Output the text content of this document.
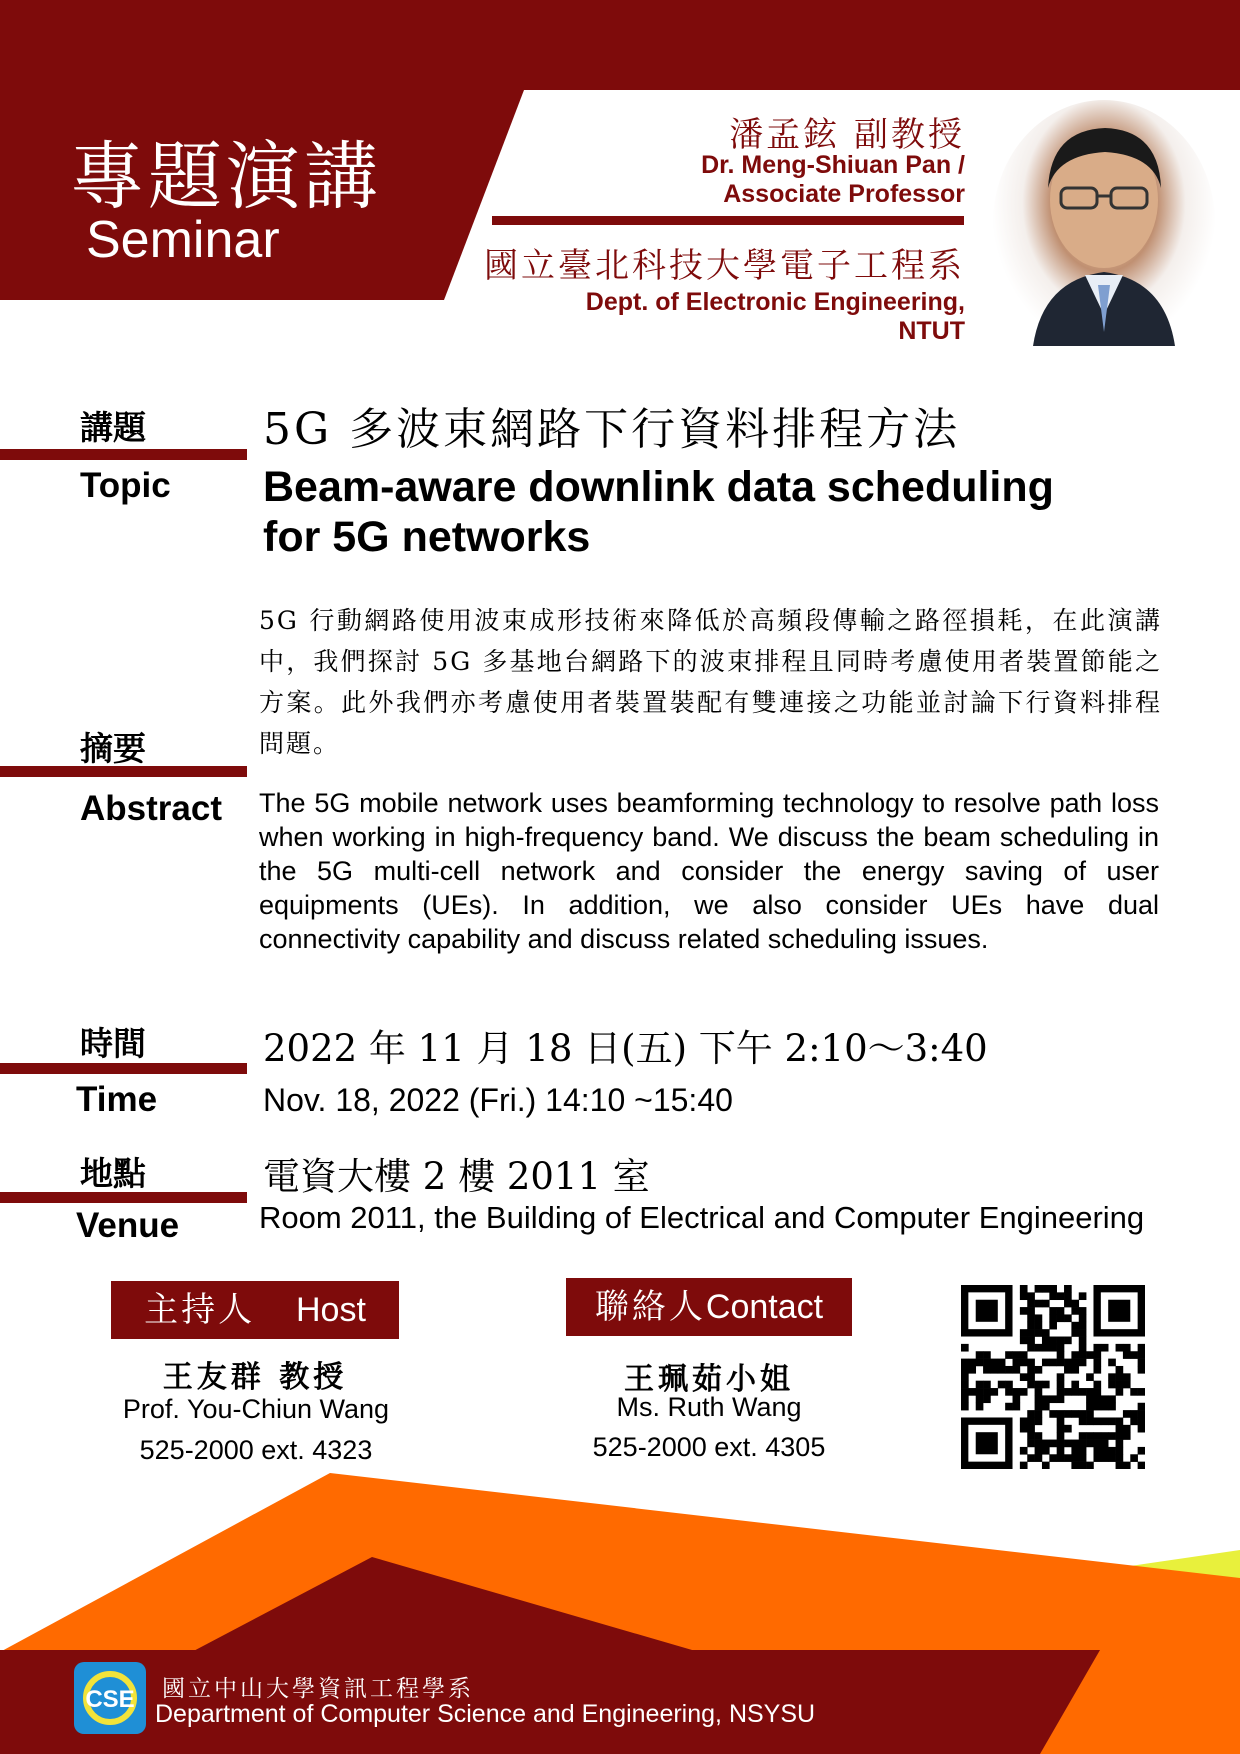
專題演講
Seminar
潘孟鉉 副教授
Dr. Meng-Shiuan Pan /
Associate Professor
國立臺北科技大學電子工程系
Dept. of Electronic Engineering,
NTUT
講題
Topic
5G 多波束網路下行資料排程方法
Beam-aware downlink data scheduling
for 5G networks
摘要
Abstract
5G 行動網路使用波束成形技術來降低於高頻段傳輸之路徑損耗，在此演講中，我們探討 5G 多基地台網路下的波束排程且同時考慮使用者裝置節能之方案。此外我們亦考慮使用者裝置裝配有雙連接之功能並討論下行資料排程問題。
The 5G mobile network uses beamforming technology to resolve path loss when working in high-frequency band. We discuss the beam scheduling in the 5G multi-cell network and consider the energy saving of user equipments (UEs). In addition, we also consider UEs have dual connectivity capability and discuss related scheduling issues.
時間
Time
2022 年 11 月 18 日(五) 下午 2:10～3:40
Nov. 18, 2022 (Fri.) 14:10 ~15:40
地點
Venue
電資大樓 2 樓 2011 室
Room 2011, the Building of Electrical and Computer Engineering
主持人 Host
王友群 教授
Prof. You-Chiun Wang
525-2000 ext. 4323
聯絡人Contact
王珮茹小姐
Ms. Ruth Wang
525-2000 ext. 4305
CSE 國立中山大學資訊工程學系
Department of Computer Science and Engineering, NSYSU
